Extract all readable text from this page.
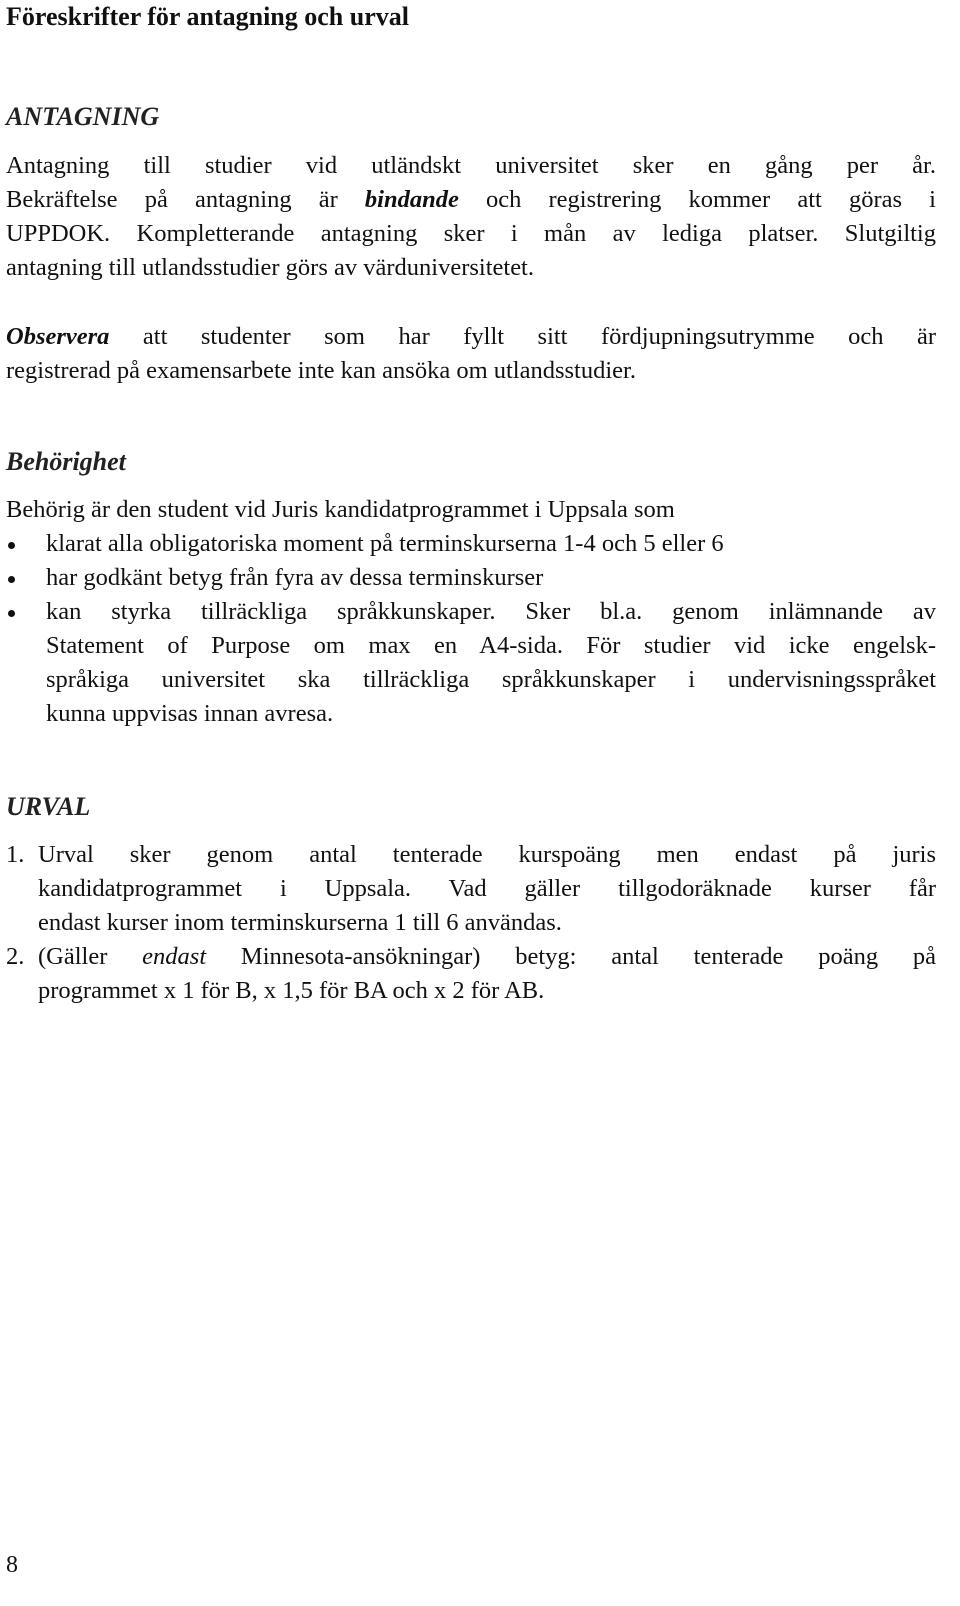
Föreskrifter för antagning och urval
ANTAGNING
Antagning till studier vid utländskt universitet sker en gång per år.
Bekräftelse på antagning är bindande och registrering kommer att göras i
UPPDOK. Kompletterande antagning sker i mån av lediga platser. Slutgiltig
antagning till utlandsstudier görs av värduniversitetet.
Observera att studenter som har fyllt sitt fördjupningsutrymme och är
registrerad på examensarbete inte kan ansöka om utlandsstudier.
Behörighet
Behörig är den student vid Juris kandidatprogrammet i Uppsala som
klarat alla obligatoriska moment på terminskurserna 1-4 och 5 eller 6
har godkänt betyg från fyra av dessa terminskurser
kan styrka tillräckliga språkkunskaper. Sker bl.a. genom inlämnande av
Statement of Purpose om max en A4-sida. För studier vid icke engelsk-
språkiga universitet ska tillräckliga språkkunskaper i undervisningsspråket
kunna uppvisas innan avresa.
URVAL
1. Urval sker genom antal tenterade kurspoäng men endast på juris
kandidatprogrammet i Uppsala. Vad gäller tillgodoräknade kurser får
endast kurser inom terminskurserna 1 till 6 användas.
2. (Gäller endast Minnesota-ansökningar) betyg: antal tenterade poäng på
programmet x 1 för B, x 1,5 för BA och x 2 för AB.
8
